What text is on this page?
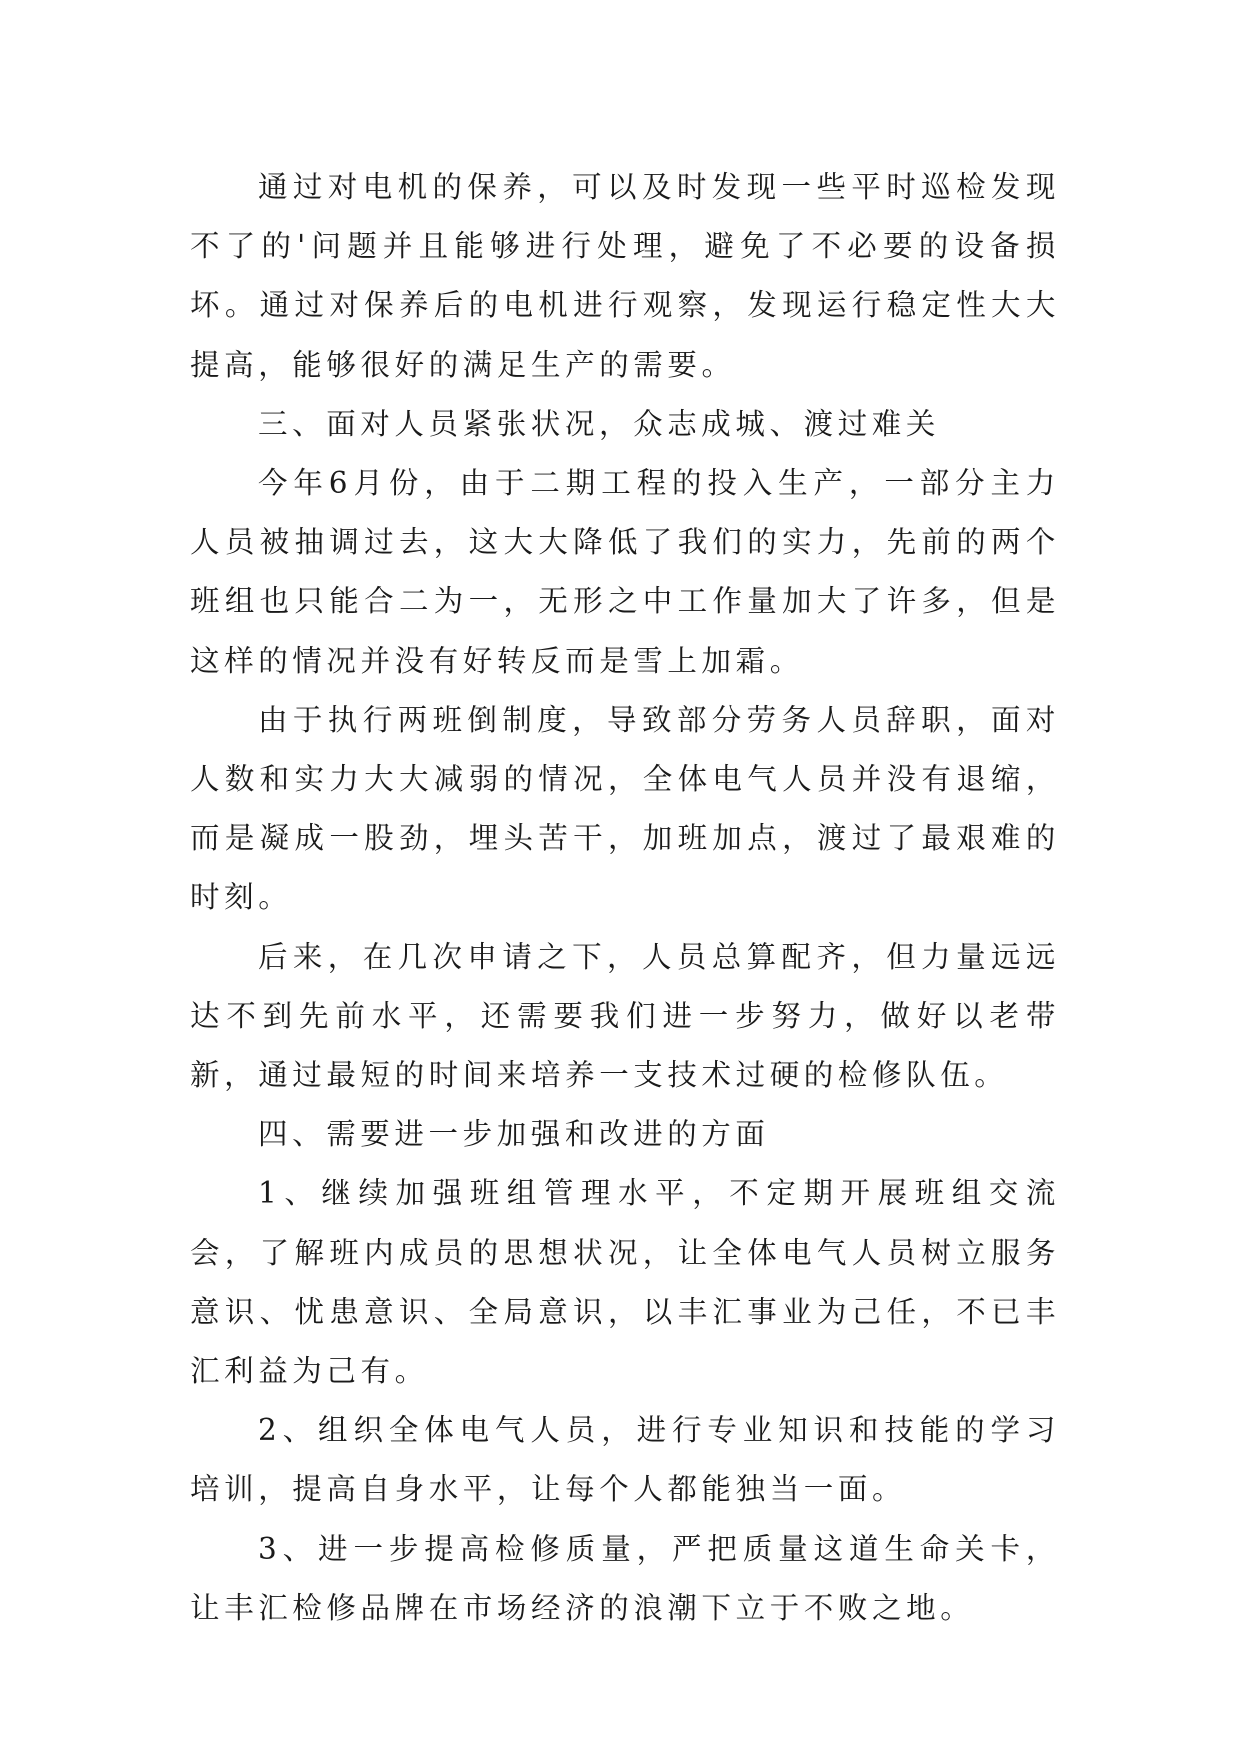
通过对电机的保养，可以及时发现一些平时巡检发现不了的'问题并且能够进行处理，避免了不必要的设备损坏。通过对保养后的电机进行观察，发现运行稳定性大大提高，能够很好的满足生产的需要。

三、面对人员紧张状况，众志成城、渡过难关

今年6月份，由于二期工程的投入生产，一部分主力人员被抽调过去，这大大降低了我们的实力，先前的两个班组也只能合二为一，无形之中工作量加大了许多，但是这样的情况并没有好转反而是雪上加霜。

由于执行两班倒制度，导致部分劳务人员辞职，面对人数和实力大大减弱的情况，全体电气人员并没有退缩，而是凝成一股劲，埋头苦干，加班加点，渡过了最艰难的时刻。

后来，在几次申请之下，人员总算配齐，但力量远远达不到先前水平，还需要我们进一步努力，做好以老带新，通过最短的时间来培养一支技术过硬的检修队伍。

四、需要进一步加强和改进的方面

1、继续加强班组管理水平，不定期开展班组交流会，了解班内成员的思想状况，让全体电气人员树立服务意识、忧患意识、全局意识，以丰汇事业为己任，不已丰汇利益为己有。

2、组织全体电气人员，进行专业知识和技能的学习培训，提高自身水平，让每个人都能独当一面。

3、进一步提高检修质量，严把质量这道生命关卡，让丰汇检修品牌在市场经济的浪潮下立于不败之地。
